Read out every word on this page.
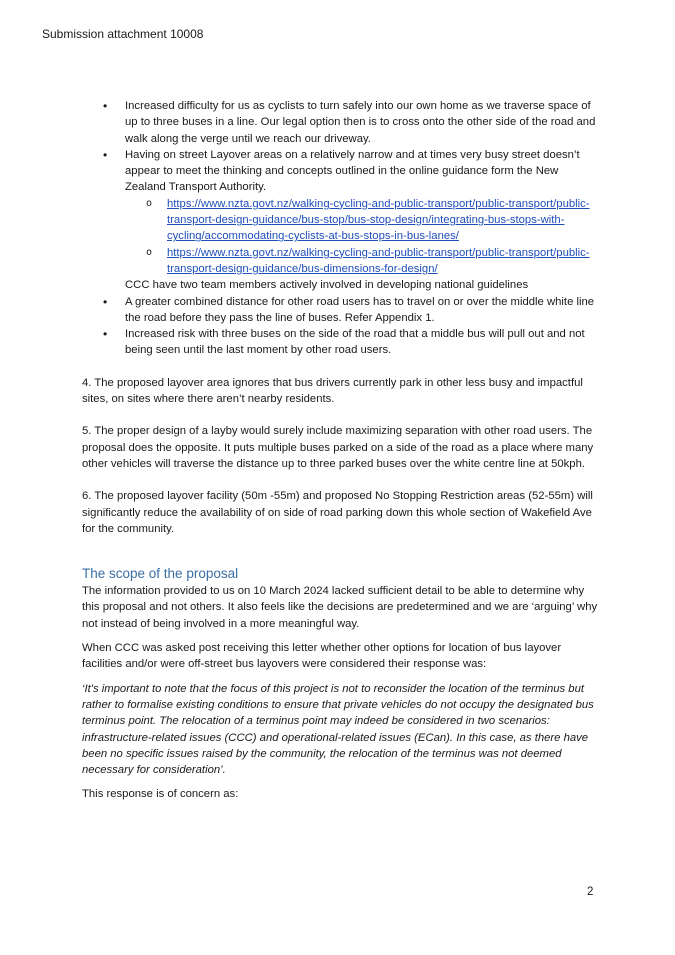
Submission attachment 10008
• Increased difficulty for us as cyclists to turn safely into our own home as we traverse space of up to three buses in a line. Our legal option then is to cross onto the other side of the road and walk along the verge until we reach our driveway.
• Having on street Layover areas on a relatively narrow and at times very busy street doesn’t appear to meet the thinking and concepts outlined in the online guidance form the New Zealand Transport Authority.
o https://www.nzta.govt.nz/walking-cycling-and-public-transport/public-transport/public-transport-design-guidance/bus-stop/bus-stop-design/integrating-bus-stops-with-cycling/accommodating-cyclists-at-bus-stops-in-bus-lanes/
o https://www.nzta.govt.nz/walking-cycling-and-public-transport/public-transport/public-transport-design-guidance/bus-dimensions-for-design/

CCC have two team members actively involved in developing national guidelines

• A greater combined distance for other road users has to travel on or over the middle white line the road before they pass the line of buses. Refer Appendix 1.
• Increased risk with three buses on the side of the road that a middle bus will pull out and not being seen until the last moment by other road users.

4. The proposed layover area ignores that bus drivers currently park in other less busy and impactful sites, on sites where there aren’t nearby residents.

5. The proper design of a layby would surely include maximizing separation with other road users. The proposal does the opposite. It puts multiple buses parked on a side of the road as a place where many other vehicles will traverse the distance up to three parked buses over the white centre line at 50kph.

6. The proposed layover facility (50m -55m) and proposed No Stopping Restriction areas (52-55m) will significantly reduce the availability of on side of road parking down this whole section of Wakefield Ave for the community.

The scope of the proposal

The information provided to us on 10 March 2024 lacked sufficient detail to be able to determine why this proposal and not others. It also feels like the decisions are predetermined and we are ‘arguing’ why not instead of being involved in a more meaningful way.

When CCC was asked post receiving this letter whether other options for location of bus layover facilities and/or were off-street bus layovers were considered their response was:

‘It's important to note that the focus of this project is not to reconsider the location of the terminus but rather to formalise existing conditions to ensure that private vehicles do not occupy the designated bus terminus point. The relocation of a terminus point may indeed be considered in two scenarios: infrastructure-related issues (CCC) and operational-related issues (ECan). In this case, as there have been no specific issues raised by the community, the relocation of the terminus was not deemed necessary for consideration’.

This response is of concern as:

2
